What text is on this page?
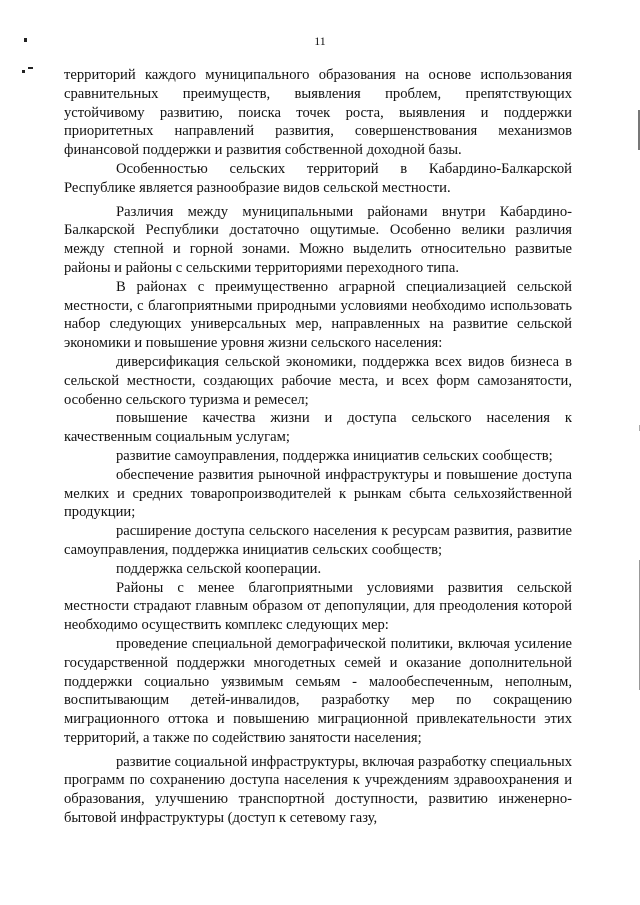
11

территорий каждого муниципального образования на основе использования сравнительных преимуществ, выявления проблем, препятствующих устойчивому развитию, поиска точек роста, выявления и поддержки приоритетных направлений развития, совершенствования механизмов финансовой поддержки и развития собственной доходной базы.

Особенностью сельских территорий в Кабардино-Балкарской Республике является разнообразие видов сельской местности.

Различия между муниципальными районами внутри Кабардино-Балкарской Республики достаточно ощутимые. Особенно велики различия между степной и горной зонами. Можно выделить относительно развитые районы и районы с сельскими территориями переходного типа.

В районах с преимущественно аграрной специализацией сельской местности, с благоприятными природными условиями необходимо использовать набор следующих универсальных мер, направленных на развитие сельской экономики и повышение уровня жизни сельского населения:

диверсификация сельской экономики, поддержка всех видов бизнеса в сельской местности, создающих рабочие места, и всех форм самозанятости, особенно сельского туризма и ремесел;

повышение качества жизни и доступа сельского населения к качественным социальным услугам;

развитие самоуправления, поддержка инициатив сельских сообществ;

обеспечение развития рыночной инфраструктуры и повышение доступа мелких и средних товаропроизводителей к рынкам сбыта сельхозяйственной продукции;

расширение доступа сельского населения к ресурсам развития, развитие самоуправления, поддержка инициатив сельских сообществ;

поддержка сельской кооперации.

Районы с менее благоприятными условиями развития сельской местности страдают главным образом от депопуляции, для преодоления которой необходимо осуществить комплекс следующих мер:

проведение специальной демографической политики, включая усиление государственной поддержки многодетных семей и оказание дополнительной поддержки социально уязвимым семьям - малообеспеченным, неполным, воспитывающим детей-инвалидов, разработку мер по сокращению миграционного оттока и повышению миграционной привлекательности этих территорий, а также по содействию занятости населения;

развитие социальной инфраструктуры, включая разработку специальных программ по сохранению доступа населения к учреждениям здравоохранения и образования, улучшению транспортной доступности, развитию инженерно-бытовой инфраструктуры (доступ к сетевому газу,
